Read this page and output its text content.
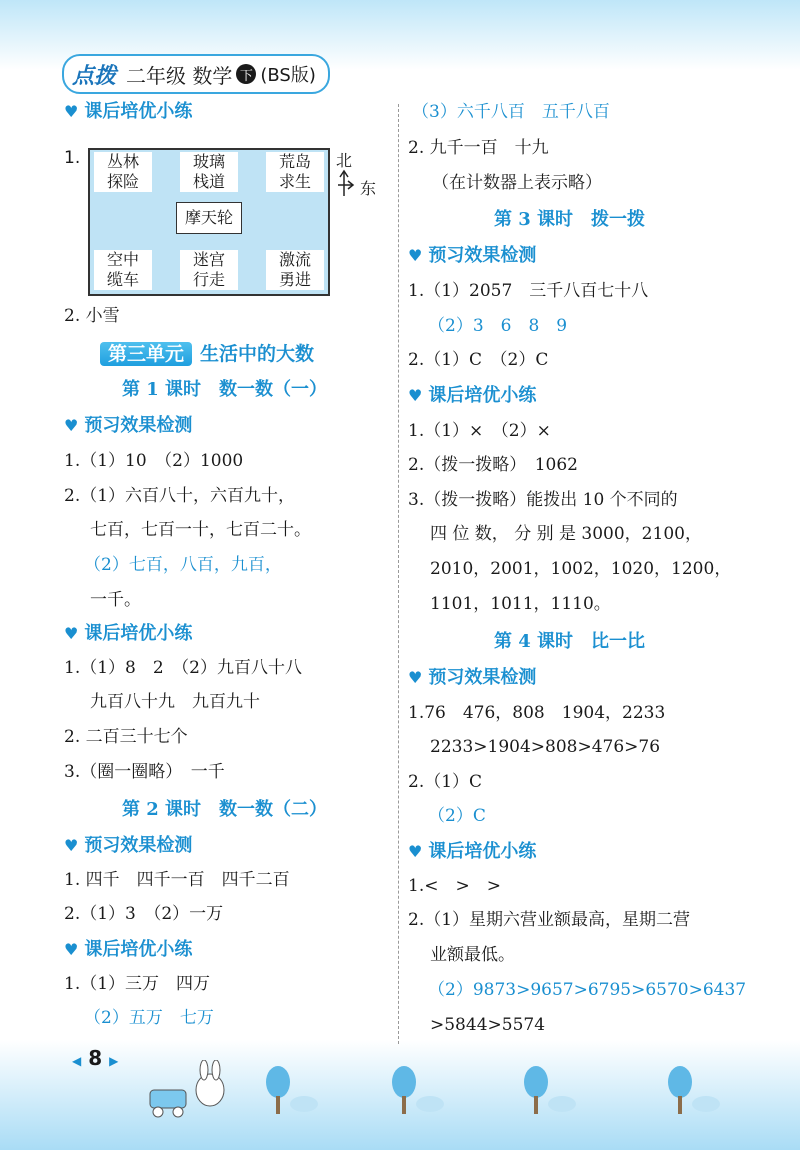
点拨 二年级 数学 下 (BS版)
♥ 课后培优小练
1.	丛林
探险
玻璃
栈道
荒岛
求生
摩天轮
空中
缆车
迷宫
行走
激流
勇进
北
东
2. 小雪
第三单元 生活中的大数
第 1 课时　数一数（一）
♥ 预习效果检测
1.（1）10　（2）1000
2.（1）六百八十，六百九十，
七百，七百一十，七百二十。
（2）七百，八百，九百，
一千。
♥ 课后培优小练
1.（1）8　2　（2）九百八十八
九百八十九　九百九十
2. 二百三十七个
3.（圈一圈略）　一千
第 2 课时　数一数（二）
♥ 预习效果检测
1. 四千　四千一百　四千二百
2.（1）3　（2）一万
♥ 课后培优小练
1.（1）三万　四万
（2）五万　七万
（3）六千八百　五千八百
2. 九千一百　十九
（在计数器上表示略）
第 3 课时　拨一拨
♥ 预习效果检测
1.（1）2057　三千八百七十八
（2）3　6　8　9
2.（1）C　（2）C
♥ 课后培优小练
1.（1）×　（2）×
2.（拨一拨略）　1062
3.（拨一拨略）能拨出 10 个不同的
四 位 数， 分 别 是 3000，2100，
2010，2001，1002，1020，1200，
1101，1011，1110。
第 4 课时　比一比
♥ 预习效果检测
1.76　476，808　1904，2233
2233>1904>808>476>76
2.（1）C
（2）C
♥ 课后培优小练
1.<　>　>
2.（1）星期六营业额最高，星期二营
业额最低。
（2）9873>9657>6795>6570>6437
>5844>5574
◀ 8 ▶
